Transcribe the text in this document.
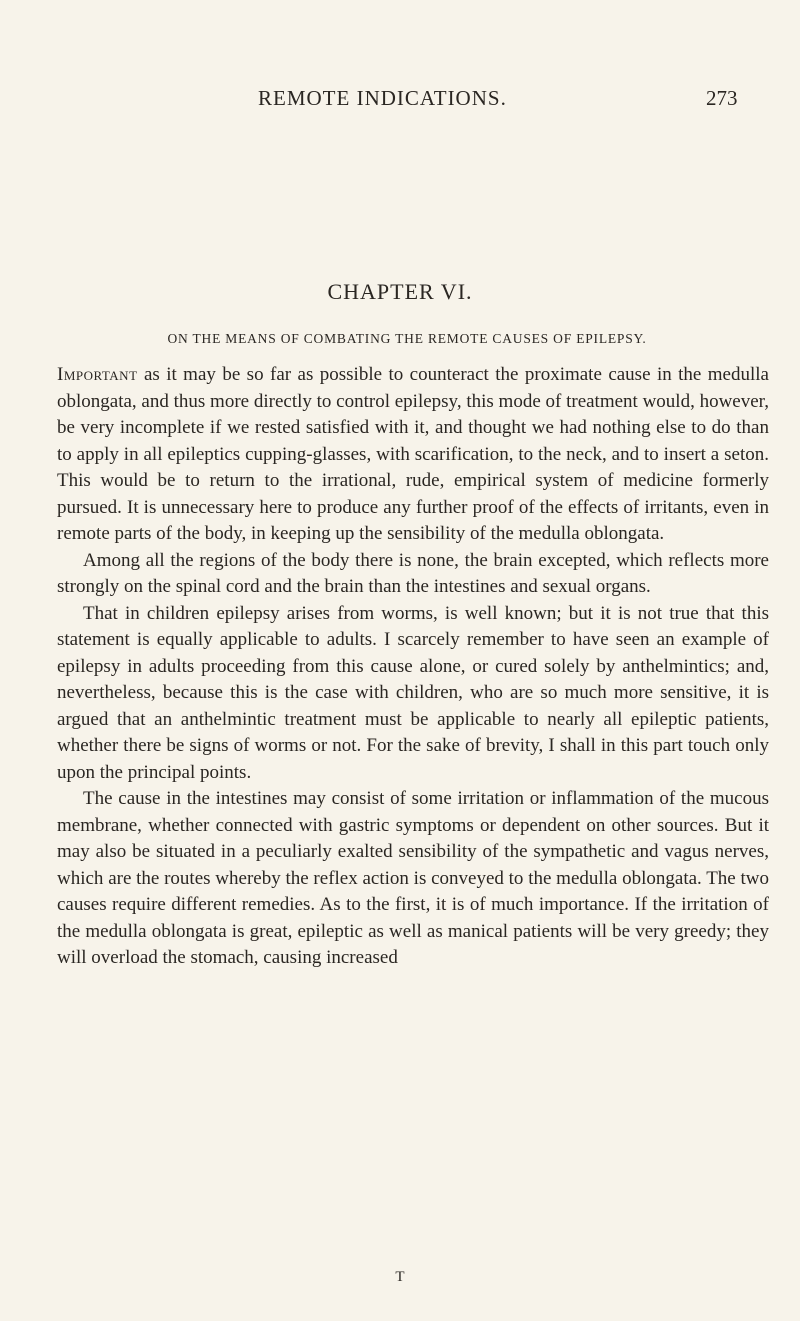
REMOTE INDICATIONS.	273
CHAPTER VI.
ON THE MEANS OF COMBATING THE REMOTE CAUSES OF EPILEPSY.

Important as it may be so far as possible to counteract the proximate cause in the medulla oblongata, and thus more directly to control epilepsy, this mode of treatment would, however, be very incomplete if we rested satisfied with it, and thought we had nothing else to do than to apply in all epileptics cupping-glasses, with scarification, to the neck, and to insert a seton. This would be to return to the irrational, rude, empirical system of medicine formerly pursued. It is unnecessary here to produce any further proof of the effects of irritants, even in remote parts of the body, in keeping up the sensibility of the medulla oblongata.

Among all the regions of the body there is none, the brain excepted, which reflects more strongly on the spinal cord and the brain than the intestines and sexual organs.

That in children epilepsy arises from worms, is well known; but it is not true that this statement is equally applicable to adults. I scarcely remember to have seen an example of epilepsy in adults proceeding from this cause alone, or cured solely by anthelmintics; and, nevertheless, because this is the case with children, who are so much more sensitive, it is argued that an anthelmintic treatment must be applicable to nearly all epileptic patients, whether there be signs of worms or not. For the sake of brevity, I shall in this part touch only upon the principal points.

The cause in the intestines may consist of some irritation or inflammation of the mucous membrane, whether connected with gastric symptoms or dependent on other sources. But it may also be situated in a peculiarly exalted sensibility of the sympathetic and vagus nerves, which are the routes whereby the reflex action is conveyed to the medulla oblongata. The two causes require different remedies. As to the first, it is of much importance. If the irritation of the medulla oblongata is great, epileptic as well as manical patients will be very greedy; they will overload the stomach, causing increased

T
